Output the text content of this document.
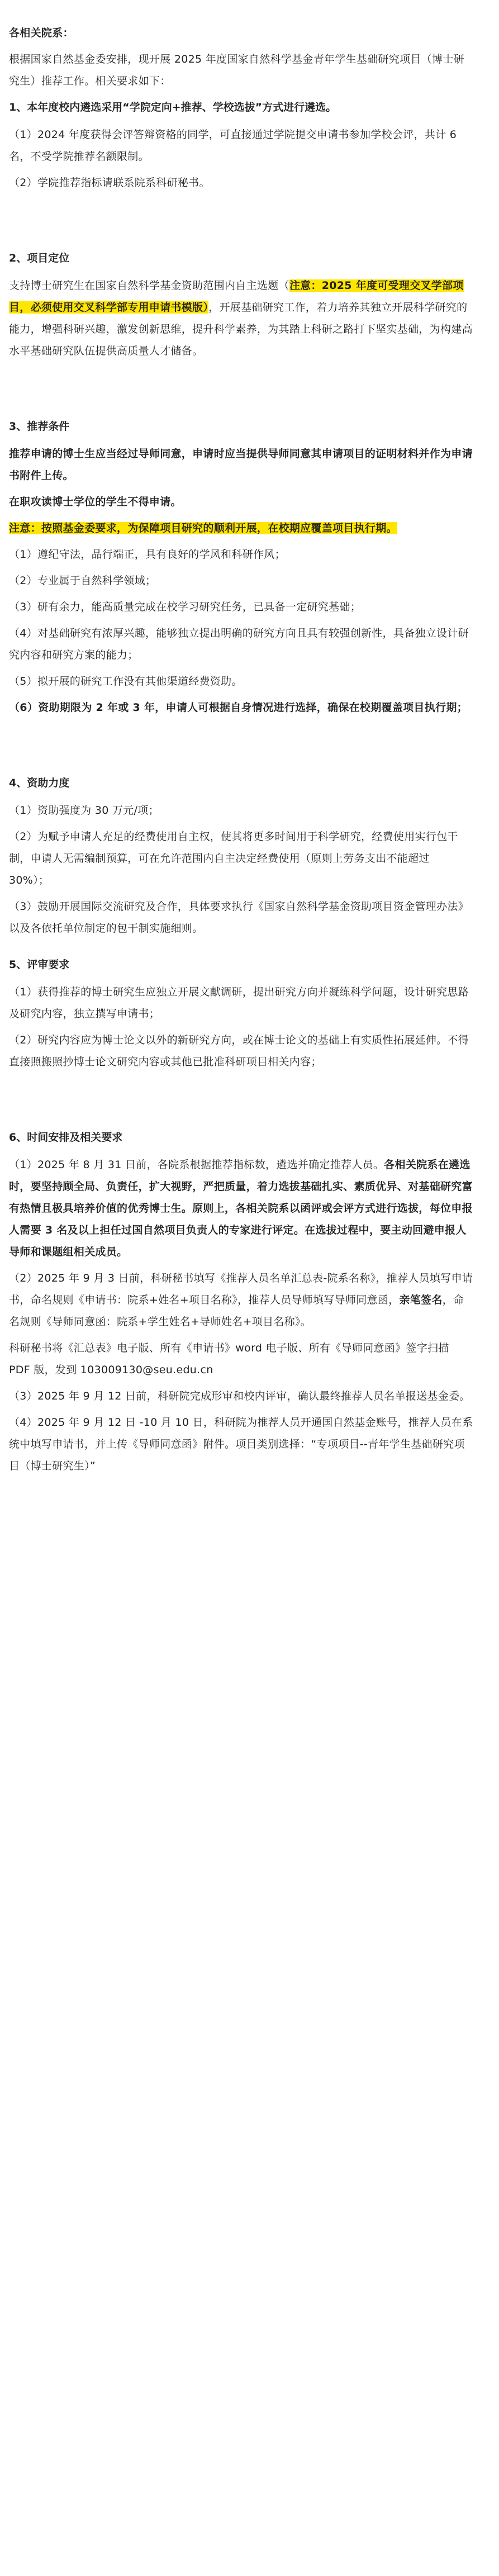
各相关院系：

根据国家自然基金委安排，现开展 2025 年度国家自然科学基金青年学生基础研究项目（博士研究生）推荐工作。相关要求如下：

1、本年度校内遴选采用“学院定向+推荐、学校选拔”方式进行遴选。

（1）2024 年度获得会评答辩资格的同学，可直接通过学院提交申请书参加学校会评，共计 6 名，不受学院推荐名额限制。

（2）学院推荐指标请联系院系科研秘书。

2、项目定位

支持博士研究生在国家自然科学基金资助范围内自主选题（注意：2025 年度可受理交叉学部项目，必须使用交叉科学部专用申请书模版），开展基础研究工作，着力培养其独立开展科学研究的能力，增强科研兴趣，激发创新思维，提升科学素养，为其踏上科研之路打下坚实基础，为构建高水平基础研究队伍提供高质量人才储备。

3、推荐条件

推荐申请的博士生应当经过导师同意，申请时应当提供导师同意其申请项目的证明材料并作为申请书附件上传。

在职攻读博士学位的学生不得申请。

注意：按照基金委要求，为保障项目研究的顺利开展，在校期应覆盖项目执行期。

（1）遵纪守法，品行端正，具有良好的学风和科研作风；

（2）专业属于自然科学领域；

（3）研有余力，能高质量完成在校学习研究任务，已具备一定研究基础；

（4）对基础研究有浓厚兴趣，能够独立提出明确的研究方向且具有较强创新性，具备独立设计研究内容和研究方案的能力；

（5）拟开展的研究工作没有其他渠道经费资助。

（6）资助期限为 2 年或 3 年，申请人可根据自身情况进行选择，确保在校期覆盖项目执行期；

4、资助力度

（1）资助强度为 30 万元/项；

（2）为赋予申请人充足的经费使用自主权，使其将更多时间用于科学研究，经费使用实行包干制，申请人无需编制预算，可在允许范围内自主决定经费使用（原则上劳务支出不能超过 30%）；

（3）鼓励开展国际交流研究及合作，具体要求执行《国家自然科学基金资助项目资金管理办法》以及各依托单位制定的包干制实施细则。

5、评审要求

（1）获得推荐的博士研究生应独立开展文献调研，提出研究方向并凝练科学问题，设计研究思路及研究内容，独立撰写申请书；

（2）研究内容应为博士论文以外的新研究方向，或在博士论文的基础上有实质性拓展延伸。不得直接照搬照抄博士论文研究内容或其他已批准科研项目相关内容；

6、时间安排及相关要求

（1）2025 年 8 月 31 日前，各院系根据推荐指标数，遴选并确定推荐人员。各相关院系在遴选时，要坚持顾全局、负责任，扩大视野，严把质量，着力选拔基础扎实、素质优异、对基础研究富有热情且极具培养价值的优秀博士生。原则上，各相关院系以函评或会评方式进行选拔，每位申报人需要 3 名及以上担任过国自然项目负责人的专家进行评定。在选拔过程中，要主动回避申报人导师和课题组相关成员。

（2）2025 年 9 月 3 日前，科研秘书填写《推荐人员名单汇总表-院系名称》，推荐人员填写申请书，命名规则《申请书：院系+姓名+项目名称》，推荐人员导师填写导师同意函，亲笔签名，命名规则《导师同意函：院系+学生姓名+导师姓名+项目名称》。

科研秘书将《汇总表》电子版、所有《申请书》word 电子版、所有《导师同意函》签字扫描 PDF 版，发到 103009130@seu.edu.cn

（3）2025 年 9 月 12 日前，科研院完成形审和校内评审，确认最终推荐人员名单报送基金委。

（4）2025 年 9 月 12 日 -10 月 10 日，科研院为推荐人员开通国自然基金账号，推荐人员在系统中填写申请书，并上传《导师同意函》附件。项目类别选择：“专项项目--青年学生基础研究项目（博士研究生）”
